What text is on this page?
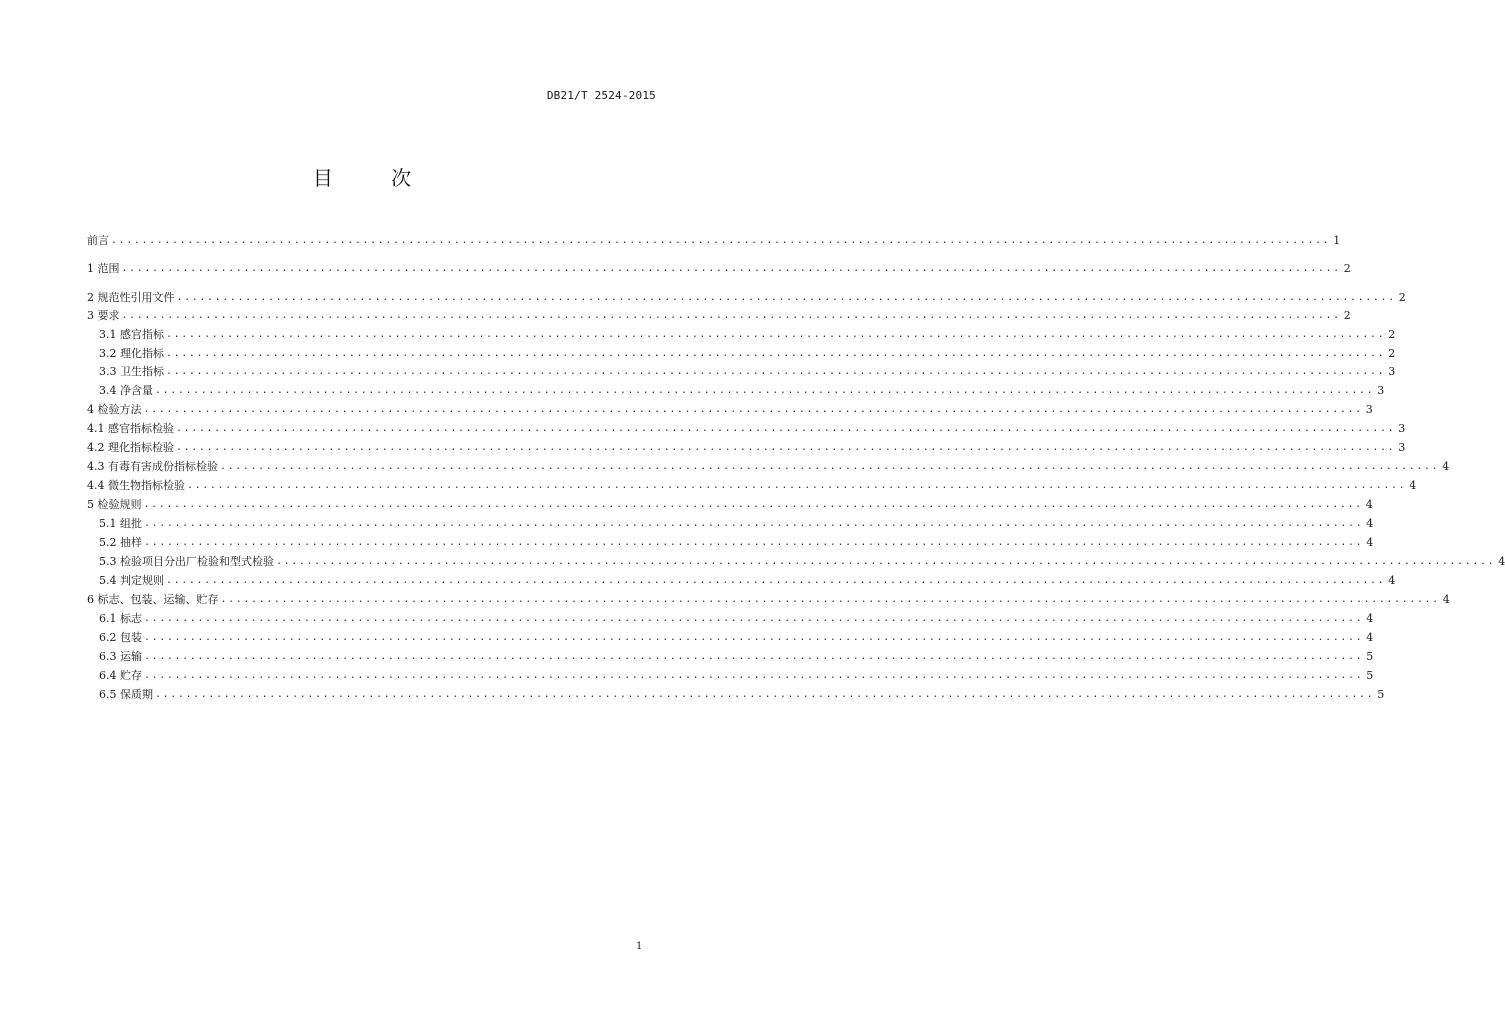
DB21/T 2524-2015
目 次
前言 ................................................................................................................................................................ 1
1 范围 ................................................................................................................................................................ 2
2 规范性引用文件 ................................................................................................................................................................ 2
3 要求 ................................................................................................................................................................ 2
3.1 感官指标 ................................................................................................................................................................ 2
3.2 理化指标 ................................................................................................................................................................ 2
3.3 卫生指标 ................................................................................................................................................................ 3
3.4 净含量 ................................................................................................................................................................ 3
4 检验方法 ................................................................................................................................................................ 3
4.1 感官指标检验 ................................................................................................................................................................ 3
4.2 理化指标检验 ................................................................................................................................................................ 3
4.3 有毒有害成份指标检验 ................................................................................................................................................................ 4
4.4 微生物指标检验 ................................................................................................................................................................ 4
5 检验规则 ................................................................................................................................................................ 4
5.1 组批 ................................................................................................................................................................ 4
5.2 抽样 ................................................................................................................................................................ 4
5.3 检验项目分出厂检验和型式检验 ................................................................................................................................................................ 4
5.4 判定规则 ................................................................................................................................................................ 4
6 标志、包装、运输、贮存 ................................................................................................................................................................ 4
6.1 标志 ................................................................................................................................................................ 4
6.2 包装 ................................................................................................................................................................ 4
6.3 运输 ................................................................................................................................................................ 5
6.4 贮存 ................................................................................................................................................................ 5
6.5 保质期 ................................................................................................................................................................ 5
1
